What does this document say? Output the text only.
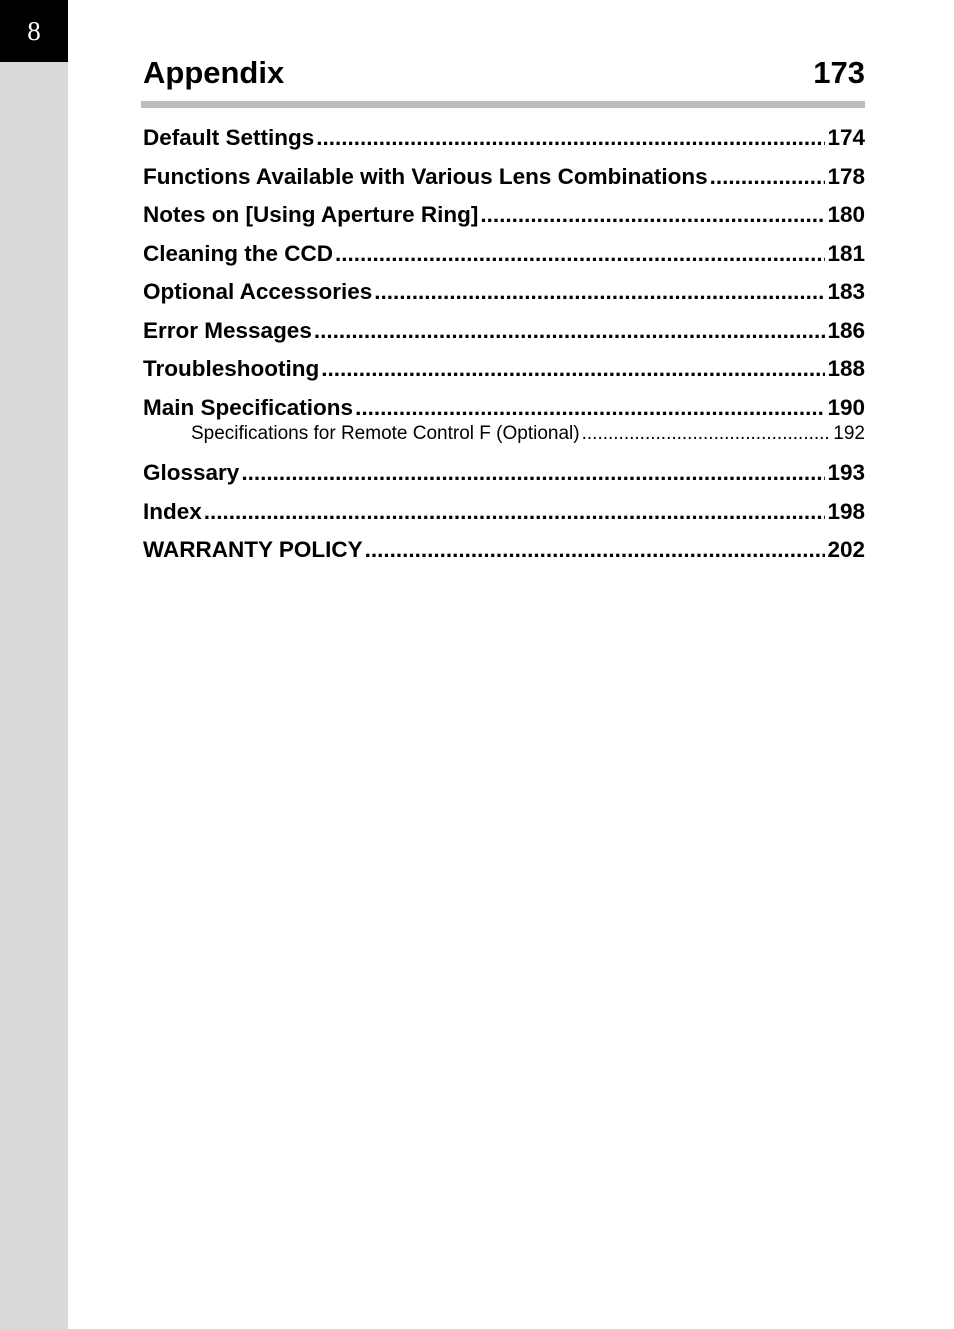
8
Appendix	173
Default Settings .....	174
Functions Available with Various Lens Combinations .....	178
Notes on [Using Aperture Ring] .....	180
Cleaning the CCD .....	181
Optional Accessories .....	183
Error Messages .....	186
Troubleshooting .....	188
Main Specifications .....	190
Specifications for Remote Control F (Optional) .....	192
Glossary .....	193
Index .....	198
WARRANTY POLICY .....	202
